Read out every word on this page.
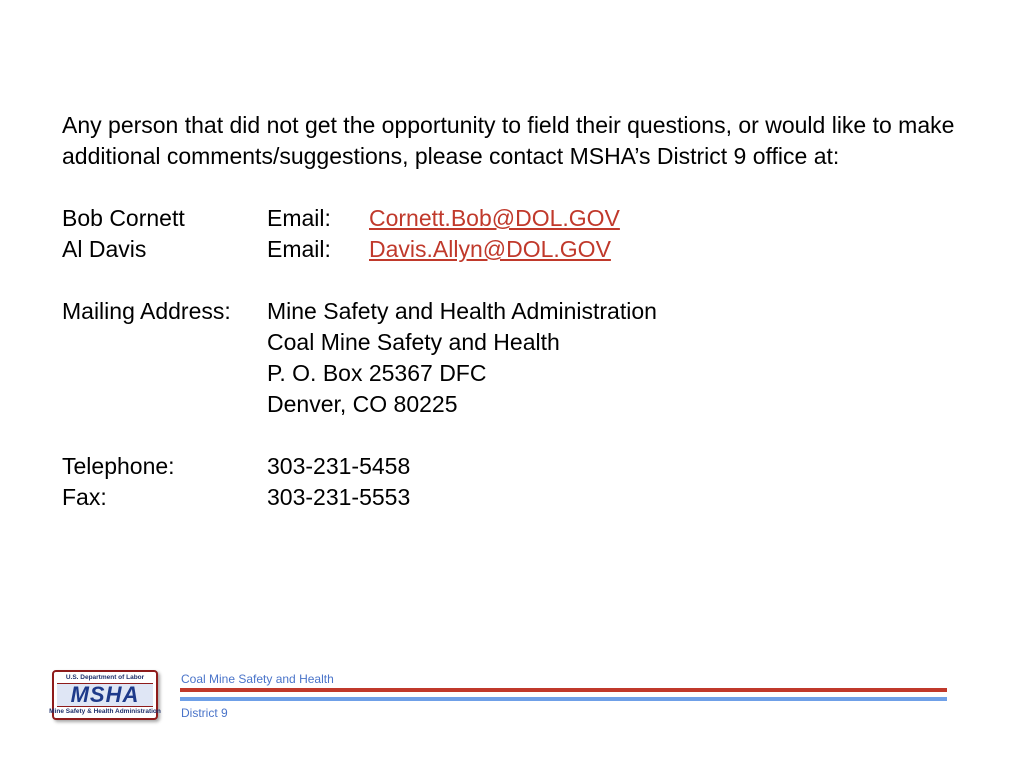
Any person that did not get the opportunity to field their questions, or would like to make additional comments/suggestions, please contact MSHA’s District 9 office at:

Bob Cornett	Email:	Cornett.Bob@DOL.GOV
Al Davis	Email:	Davis.Allyn@DOL.GOV
Mailing Address:	Mine Safety and Health Administration
Coal Mine Safety and Health
P. O. Box 25367 DFC
Denver, CO 80225
Telephone:	303-231-5458
Fax:	303-231-5553
U.S. Department of Labor
MSHA
Mine Safety & Health Administration
Coal Mine Safety and Health
District 9
